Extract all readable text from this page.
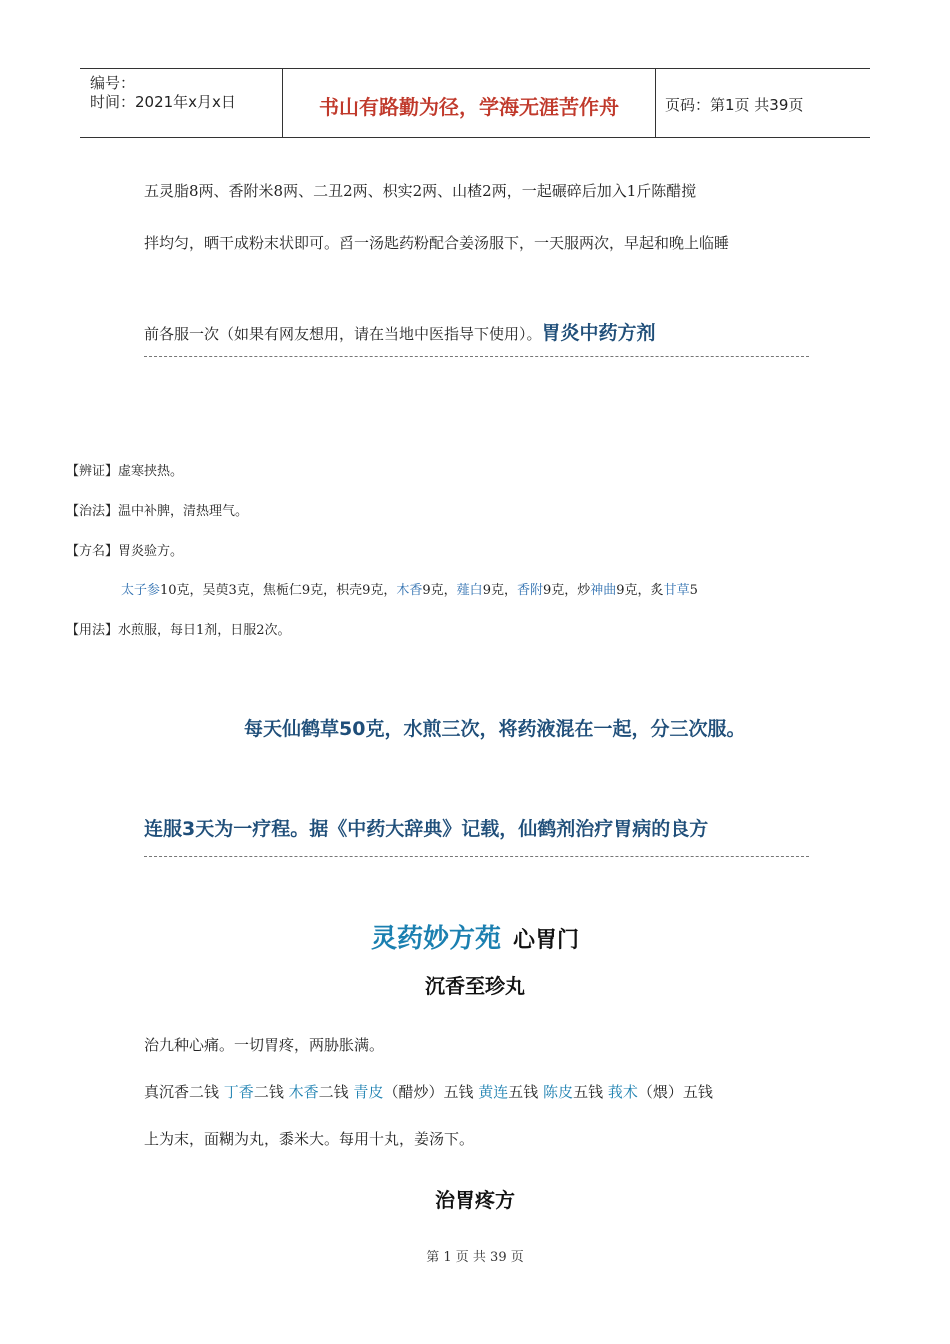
编号：
时间：2021年x月x日	书山有路勤为径，学海无涯苦作舟	页码：第1页 共39页
五灵脂8两、香附米8两、二丑2两、枳实2两、山楂2两，一起碾碎后加入1斤陈醋搅
拌均匀，晒干成粉末状即可。舀一汤匙药粉配合姜汤服下，一天服两次，早起和晚上临睡
前各服一次（如果有网友想用，请在当地中医指导下使用）。胃炎中药方剂
【辨证】虚寒挟热。
【治法】温中补脾，清热理气。
【方名】胃炎验方。
太子参10克，吴萸3克，焦栀仁9克，枳壳9克，木香9克，薤白9克，香附9克，炒神曲9克，炙甘草5
【用法】水煎服，每日1剂，日服2次。
每天仙鹤草50克，水煎三次，将药液混在一起，分三次服。
连服3天为一疗程。据《中药大辞典》记载，仙鹤剂治疗胃病的良方
灵药妙方苑 心胃门
沉香至珍丸
治九种心痛。一切胃疼，两胁胀满。
真沉香二钱 丁香二钱 木香二钱 青皮（醋炒）五钱 黄连五钱 陈皮五钱 莪术（煨）五钱
上为末，面糊为丸，黍米大。每用十丸，姜汤下。
治胃疼方
第 1 页 共 39 页
